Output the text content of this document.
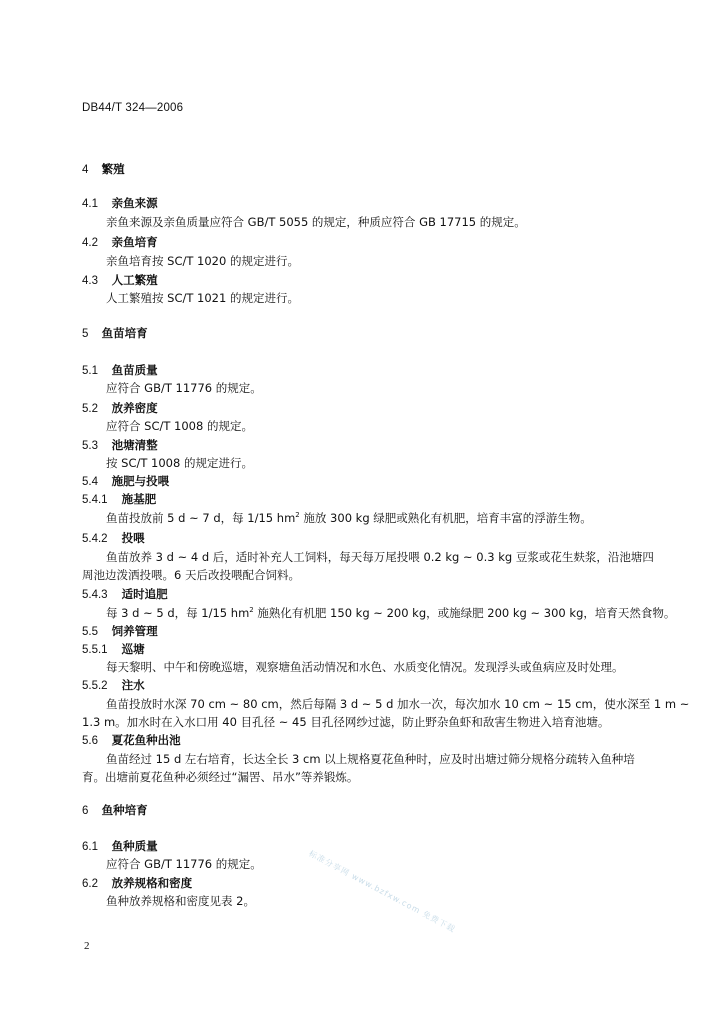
DB44/T 324—2006
4 繁殖
4.1 亲鱼来源
亲鱼来源及亲鱼质量应符合 GB/T 5055 的规定，种质应符合 GB 17715 的规定。
4.2 亲鱼培育
亲鱼培育按 SC/T 1020 的规定进行。
4.3 人工繁殖
人工繁殖按 SC/T 1021 的规定进行。
5 鱼苗培育
5.1 鱼苗质量
应符合 GB/T 11776 的规定。
5.2 放养密度
应符合 SC/T 1008 的规定。
5.3 池塘清整
按 SC/T 1008 的规定进行。
5.4 施肥与投喂
5.4.1 施基肥
鱼苗投放前 5 d ~ 7 d，每 1/15 $hm^2$ 施放 300 kg 绿肥或熟化有机肥，培育丰富的浮游生物。
5.4.2 投喂
鱼苗放养 3 d ~ 4 d 后，适时补充人工饲料，每天每万尾投喂 0.2 kg ~ 0.3 kg 豆浆或花生麸浆，沿池塘四
周池边泼洒投喂。6 天后改投喂配合饲料。
5.4.3 适时追肥
每 3 d ~ 5 d，每 1/15 $hm^2$ 施熟化有机肥 150 kg ~ 200 kg，或施绿肥 200 kg ~ 300 kg，培育天然食物。
5.5 饲养管理
5.5.1 巡塘
每天黎明、中午和傍晚巡塘，观察塘鱼活动情况和水色、水质变化情况。发现浮头或鱼病应及时处理。
5.5.2 注水
鱼苗投放时水深 70 cm ~ 80 cm，然后每隔 3 d ~ 5 d 加水一次，每次加水 10 cm ~ 15 cm，使水深至 1 m ~
1.3 m。加水时在入水口用 40 目孔径 ~ 45 目孔径网纱过滤，防止野杂鱼虾和敌害生物进入培育池塘。
5.6 夏花鱼种出池
鱼苗经过 15 d 左右培育，长达全长 3 cm 以上规格夏花鱼种时，应及时出塘过筛分规格分疏转入鱼种培
育。出塘前夏花鱼种必须经过“漏罟、吊水”等养锻炼。
6 鱼种培育
6.1 鱼种质量
应符合 GB/T 11776 的规定。
6.2 放养规格和密度
鱼种放养规格和密度见表 2。	标准分享网 www.bzfxw.com 免费下载
2
